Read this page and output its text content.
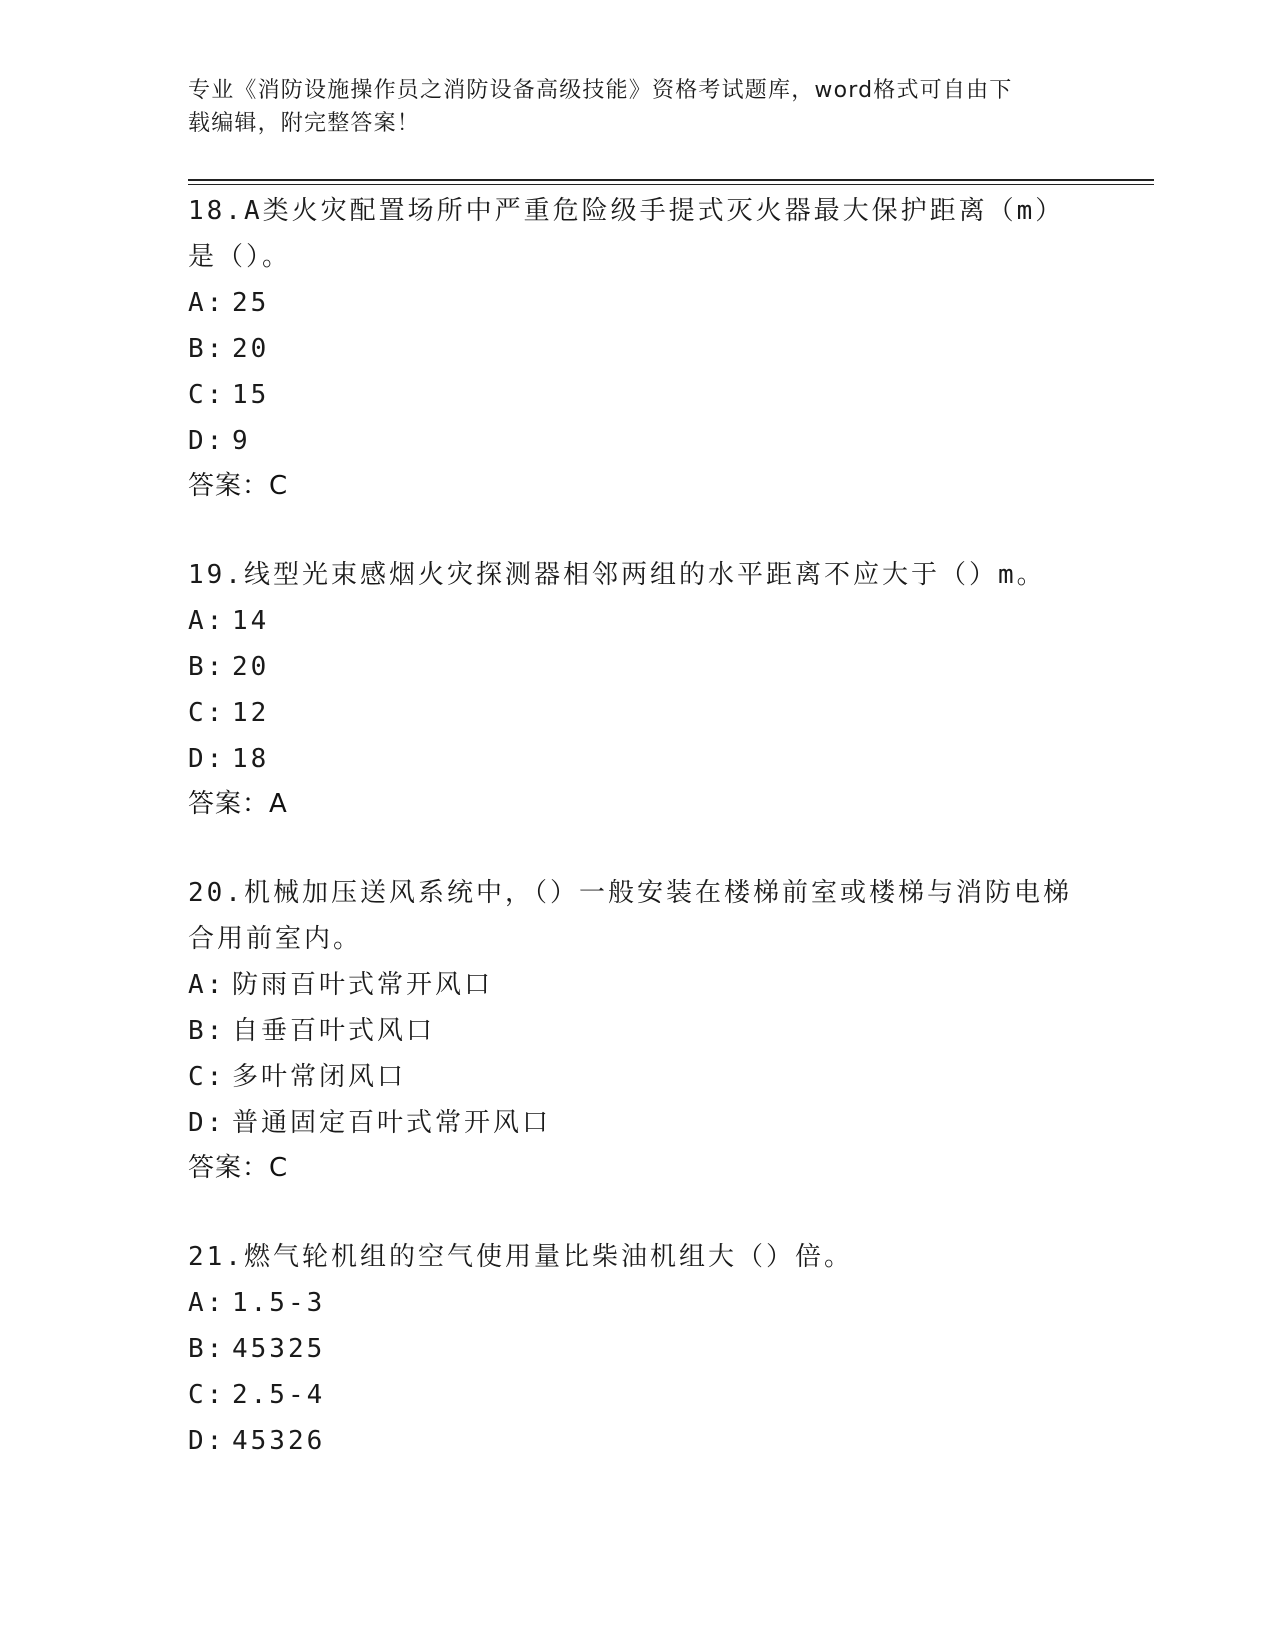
专业《消防设施操作员之消防设备高级技能》资格考试题库，word格式可自由下
载编辑，附完整答案！

18.A类火灾配置场所中严重危险级手提式灭火器最大保护距离（m）是（）。

A: 25
B: 20
C: 15
D: 9
答案：C

19.线型光束感烟火灾探测器相邻两组的水平距离不应大于（）m。

A: 14
B: 20
C: 12
D: 18
答案：A

20.机械加压送风系统中，（）一般安装在楼梯前室或楼梯与消防电梯合用前室内。

A: 防雨百叶式常开风口
B: 自垂百叶式风口
C: 多叶常闭风口
D: 普通固定百叶式常开风口
答案：C

21.燃气轮机组的空气使用量比柴油机组大（）倍。

A: 1.5-3
B: 45325
C: 2.5-4
D: 45326
